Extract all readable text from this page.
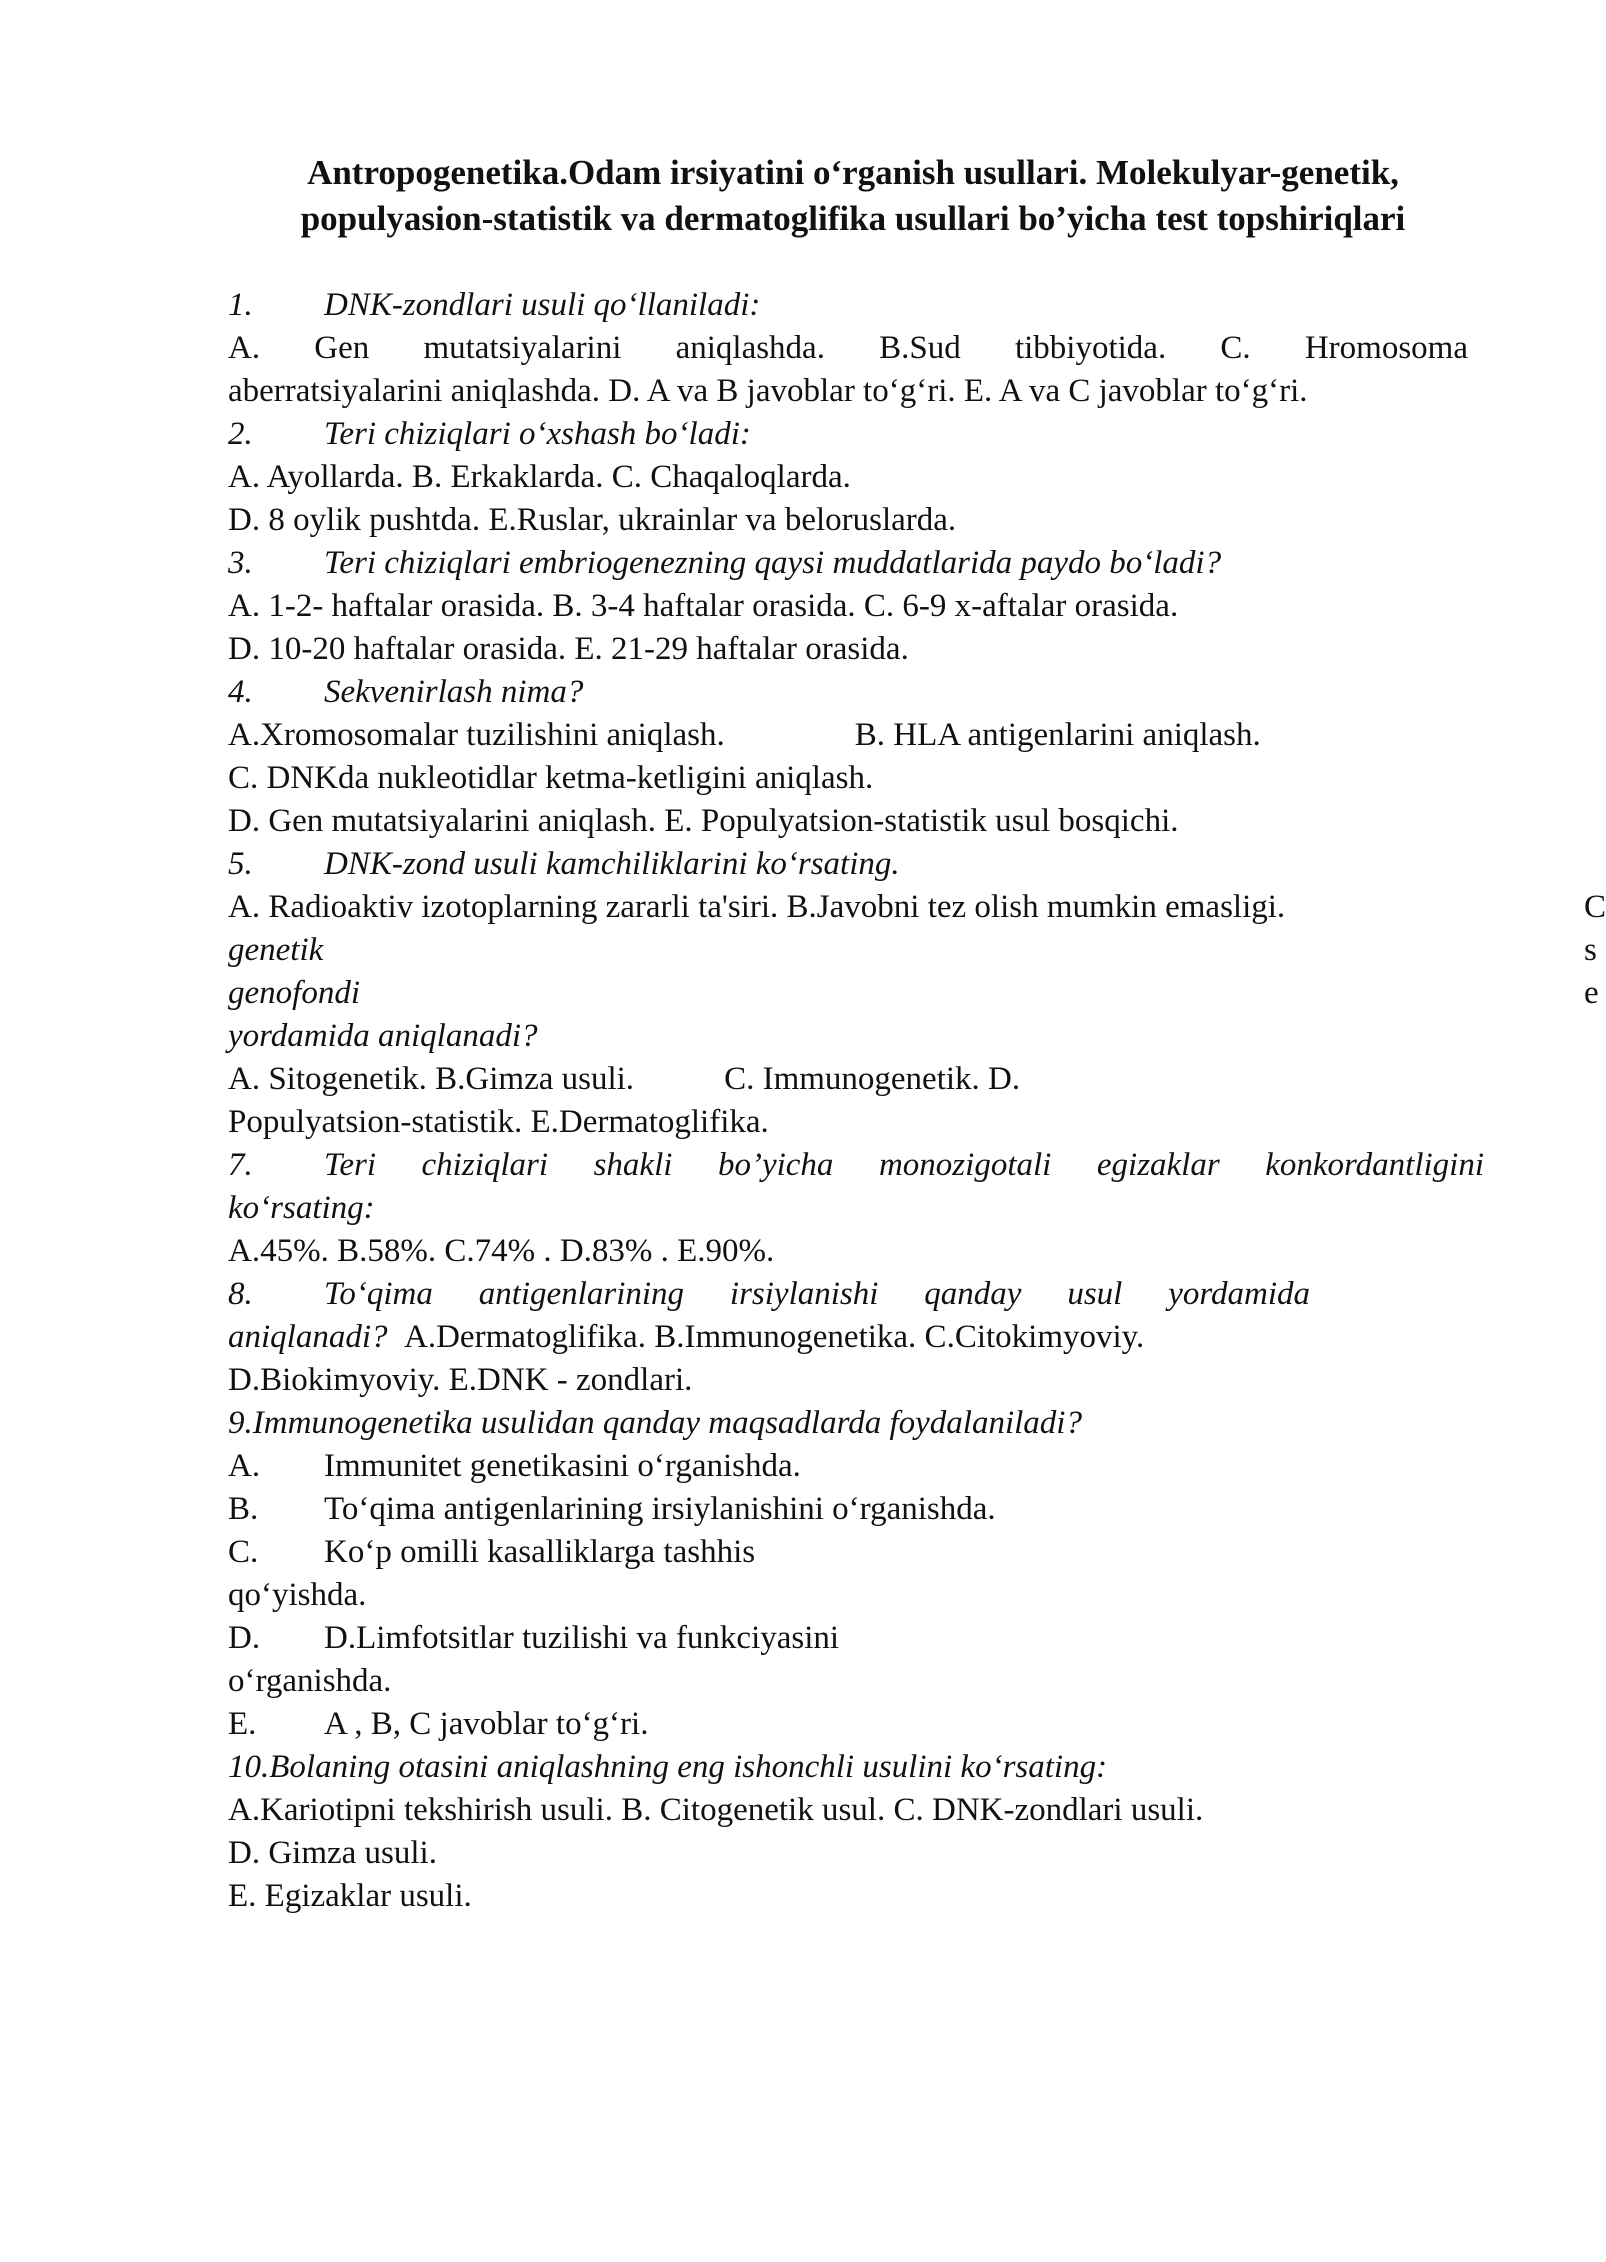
Antropogenetika.Odam irsiyatini o‘rganish usullari. Molekulyar-genetik,
populyasion-statistik va dermatoglifika usullari bo’yicha test topshiriqlari
1. DNK-zondlari usuli qo‘llaniladi:
A. Gen mutatsiyalarini aniqlashda. B.Sud tibbiyotida. C. Hromosoma
aberratsiyalarini aniqlashda. D. A va B javoblar to‘g‘ri. E. A va C javoblar to‘g‘ri.
2. Teri chiziqlari o‘xshash bo‘ladi:
A. Ayollarda. B. Erkaklarda. C. Chaqaloqlarda.
D. 8 oylik pushtda. E.Ruslar, ukrainlar va beloruslarda.
3. Teri chiziqlari embriogenezning qaysi muddatlarida paydo bo‘ladi?
A. 1-2- haftalar orasida. B. 3-4 haftalar orasida. C. 6-9 x-aftalar orasida.
D. 10-20 haftalar orasida. E. 21-29 haftalar orasida.
4. Sekvenirlash nima?
A.Xromosomalar tuzilishini aniqlash.	B. HLA antigenlarini aniqlash.
C. DNKda nukleotidlar ketma-ketligini aniqlash.
D. Gen mutatsiyalarini aniqlash. E. Populyatsion-statistik usul bosqichi.
5. DNK-zond usuli kamchiliklarini ko‘rsating.
A. Radioaktiv izotoplarning zararli ta'siri. B.Javobni tez olish mumkin emasligi.
genetik
genofondi
yordamida aniqlanadi?
C
s
e
A. Sitogenetik. B.Gimza usuli.	C. Immunogenetik. D.
Populyatsion-statistik. E.Dermatoglifika.
7. Teri chiziqlari shakli bo’yicha monozigotali egizaklar konkordantligini
ko‘rsating:
A.45%. B.58%. C.74% . D.83% . E.90%.
8. To‘qima antigenlarining irsiylanishi qanday usul yordamida
aniqlanadi? A.Dermatoglifika. B.Immunogenetika. C.Citokimyoviy.
D.Biokimyoviy. E.DNK - zondlari.
9.Immunogenetika usulidan qanday maqsadlarda foydalaniladi?
A. Immunitet genetikasini o‘rganishda.
B. To‘qima antigenlarining irsiylanishini o‘rganishda.
C. Ko‘p omilli kasalliklarga tashhis
qo‘yishda.
D. D.Limfotsitlar tuzilishi va funkciyasini
o‘rganishda.
E. A , B, C javoblar to‘g‘ri.
10.Bolaning otasini aniqlashning eng ishonchli usulini ko‘rsating:
A.Kariotipni tekshirish usuli. B. Citogenetik usul. C. DNK-zondlari usuli.
D. Gimza usuli.
E. Egizaklar usuli.
